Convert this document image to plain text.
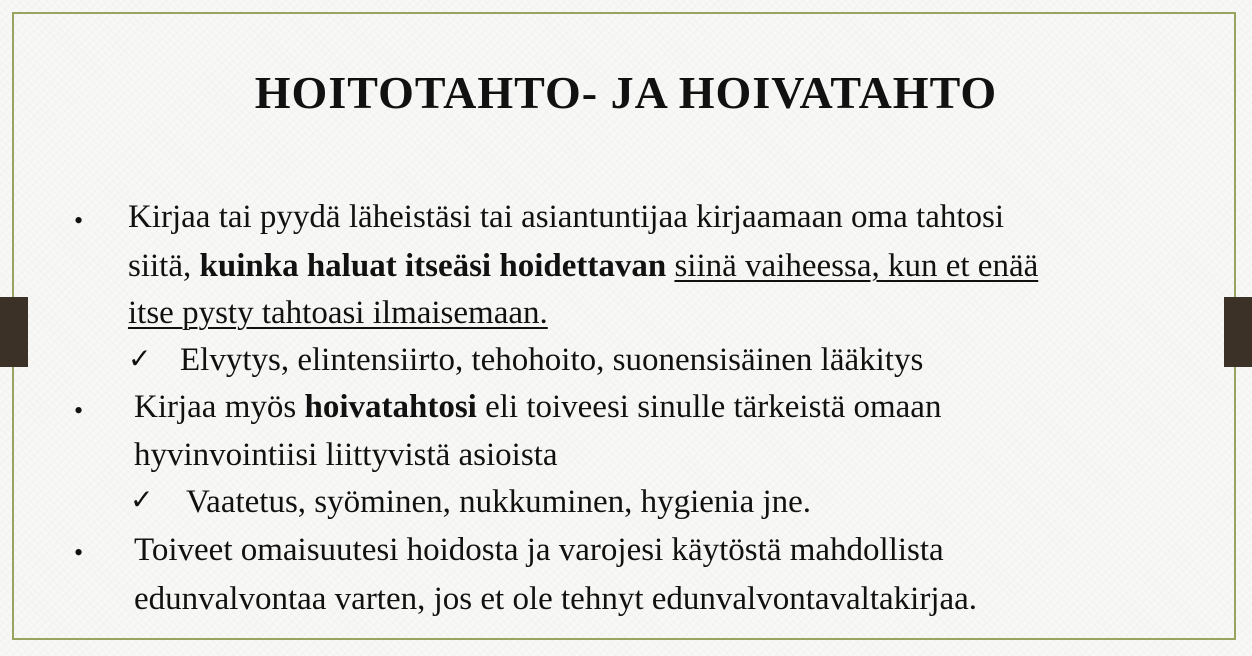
HOITOTAHTO- JA HOIVATAHTO
• Kirjaa tai pyydä läheistäsi tai asiantuntijaa kirjaamaan oma tahtosi
siitä, kuinka haluat itseäsi hoidettavan siinä vaiheessa, kun et enää
itse pysty tahtoasi ilmaisemaan.
✓ Elvytys, elintensiirto, tehohoito, suonensisäinen lääkitys
• Kirjaa myös hoivatahtosi eli toiveesi sinulle tärkeistä omaan
hyvinvointiisi liittyvistä asioista
✓ Vaatetus, syöminen, nukkuminen, hygienia jne.
• Toiveet omaisuutesi hoidosta ja varojesi käytöstä mahdollista
edunvalvontaa varten, jos et ole tehnyt edunvalvontavaltakirjaa.
